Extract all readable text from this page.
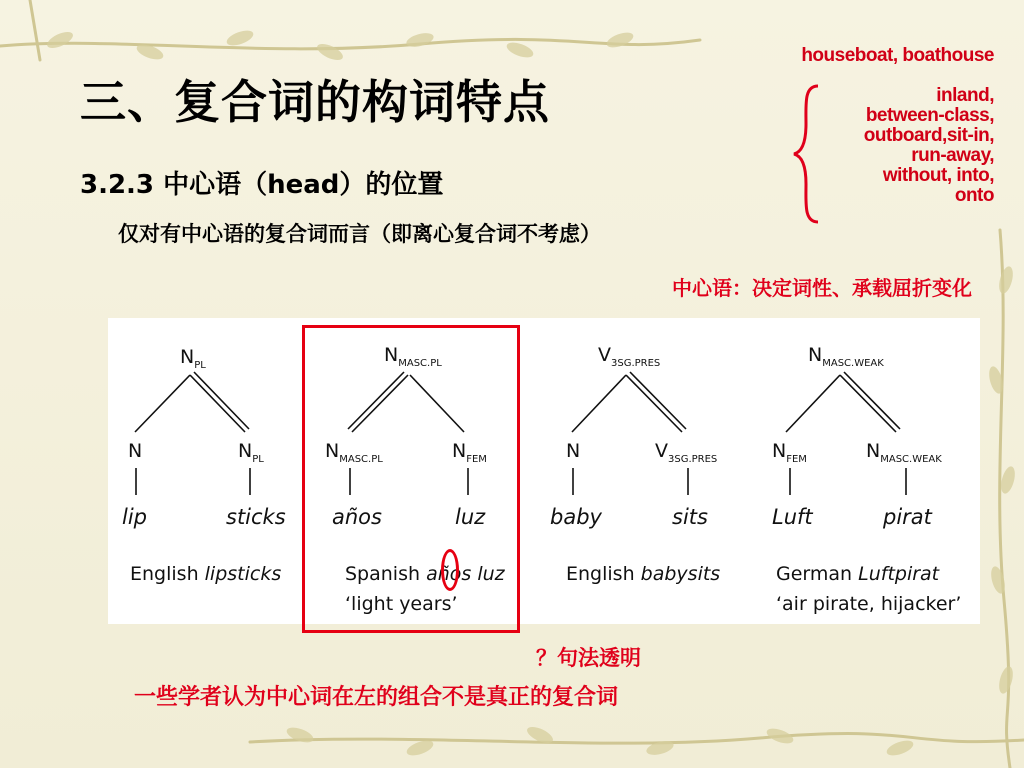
三、复合词的构词特点
3.2.3 中心语（head）的位置
仅对有中心语的复合词而言（即离心复合词不考虑）
中心语：决定词性、承载屈折变化
houseboat, boathouse
inland,
between-class,
outboard,sit-in,
run-away,
without, into,
onto
$N_{PL}$
N	$N_{PL}$
lip	sticks
English lipsticks
$N_{MASC.PL}$
$N_{MASC.PL}$	$N_{FEM}$
años	luz
Spanish años luz
‘light years’
$V_{3SG.PRES}$
N	$V_{3SG.PRES}$
baby	sits
English babysits
$N_{MASC.WEAK}$
$N_{FEM}$	$N_{MASC.WEAK}$
Luft	pirat
German Luftpirat
‘air pirate, hijacker’
？句法透明
一些学者认为中心词在左的组合不是真正的复合词
